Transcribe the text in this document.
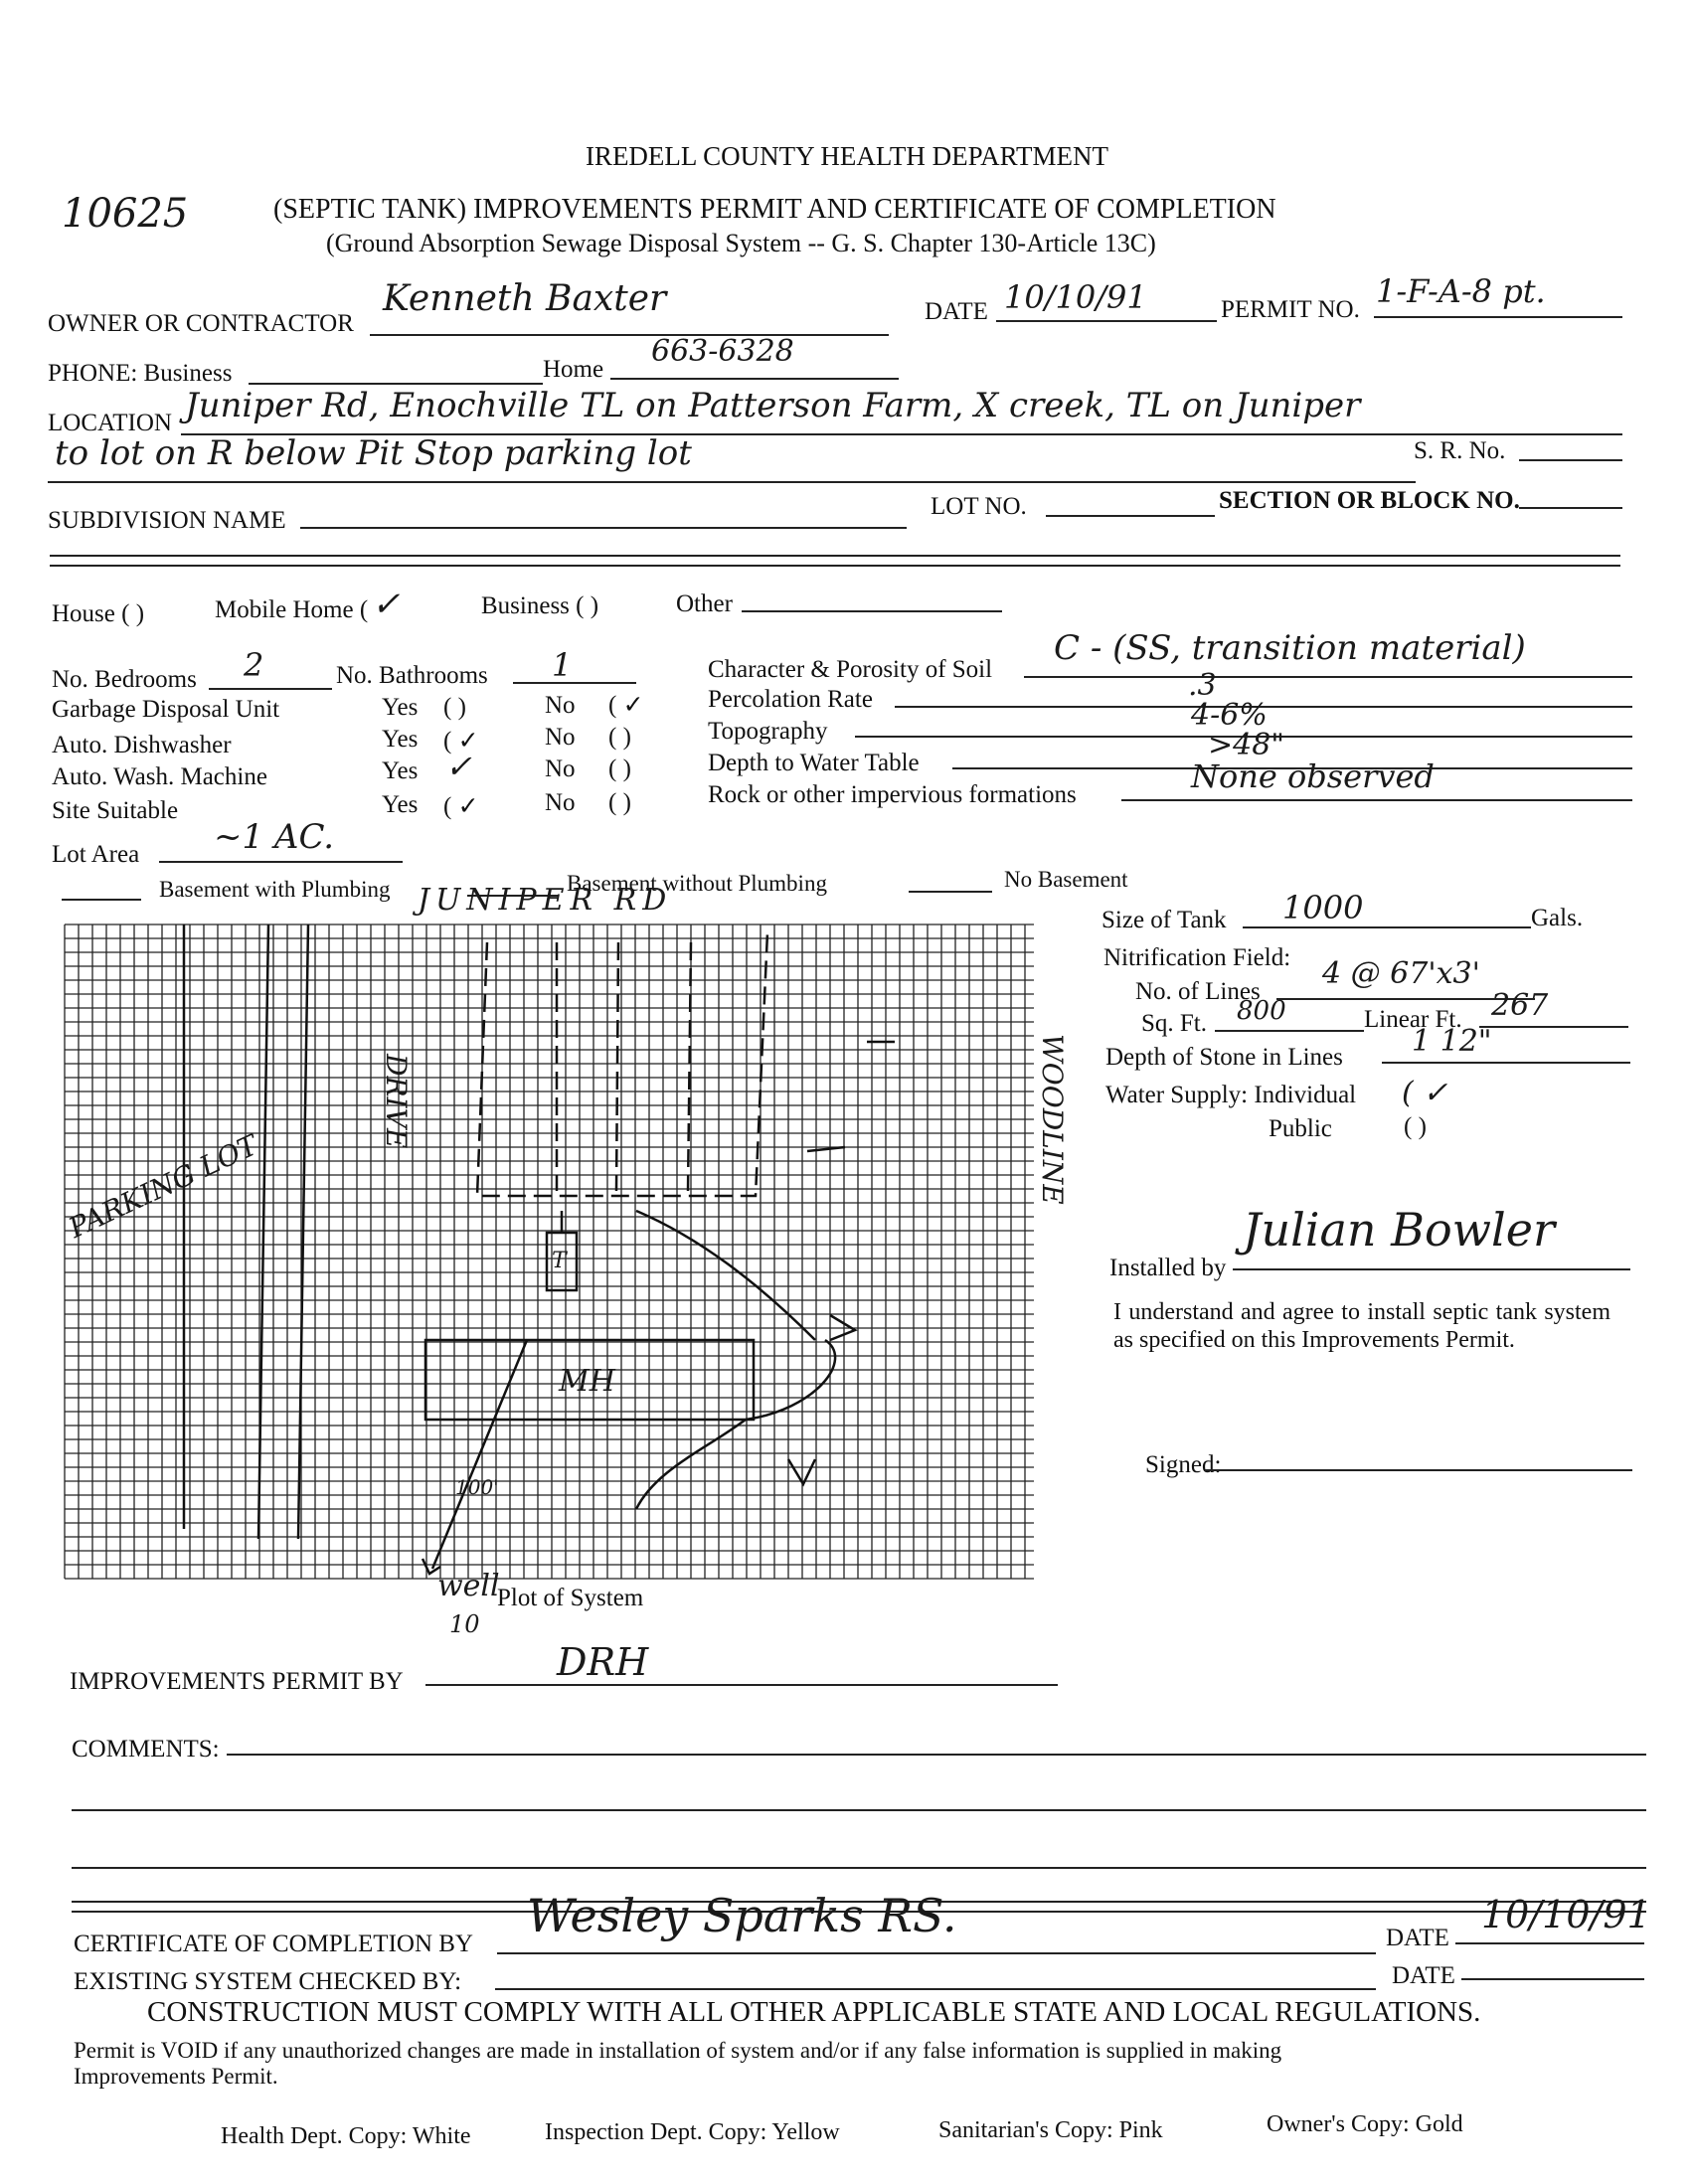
IREDELL COUNTY HEALTH DEPARTMENT
10625	(SEPTIC TANK) IMPROVEMENTS PERMIT AND CERTIFICATE OF COMPLETION
(Ground Absorption Sewage Disposal System -- G. S. Chapter 130-Article 13C)
OWNER OR CONTRACTOR
Kenneth Baxter	DATE 10/10/91	PERMIT NO. 1-F-A-8 pt.
PHONE: Business	Home
663-6328
LOCATION Juniper Rd, Enochville TL on Patterson Farm, X creek, TL on Juniper
to lot on R below Pit Stop parking lot	S. R. No.
SUBDIVISION NAME
LOT NO.	SECTION OR BLOCK NO.
House ( )	Mobile Home ( ✓	Business ( )	Other
No. Bedrooms 2	No. Bathrooms 1
Garbage Disposal Unit	Yes ( )	No ( ✓
Auto. Dishwasher	Yes ( ✓	No ( )
Auto. Wash. Machine	Yes ✓	No ( )
Site Suitable	Yes ( ✓	No ( )
Lot Area ~1 AC.
Character & Porosity of Soil
C - (SS, transition material)
Percolation Rate	.3
Topography	4-6%
Depth to Water Table
>48"
Rock or other impervious formations	None observed
Basement with Plumbing	Basement without Plumbing	No Basement
JUNIPER RD
DRIVE
PARKING LOT
MH
WOODLINE
well
10
100'
T
Plot of System
Size of Tank 1000	Gals.
Nitrification Field:
No. of Lines
4 @ 67'x3'
Sq. Ft. 800	Linear Ft. 267
Depth of Stone in Lines 1 12"
Water Supply: Individual ( ✓
Public	( )
Installed by
Julian Bowler
I understand and agree to install septic tank system as specified on this Improvements Permit.
Signed:
IMPROVEMENTS PERMIT BY	DRH
COMMENTS:
CERTIFICATE OF COMPLETION BY
Wesley Sparks RS.	DATE
10/10/91
EXISTING SYSTEM CHECKED BY:	DATE
CONSTRUCTION MUST COMPLY WITH ALL OTHER APPLICABLE STATE AND LOCAL REGULATIONS.
Permit is VOID if any unauthorized changes are made in installation of system and/or if any false information is supplied in making
Improvements Permit.
Health Dept. Copy: White	Inspection Dept. Copy: Yellow	Sanitarian's Copy: Pink	Owner's Copy: Gold
